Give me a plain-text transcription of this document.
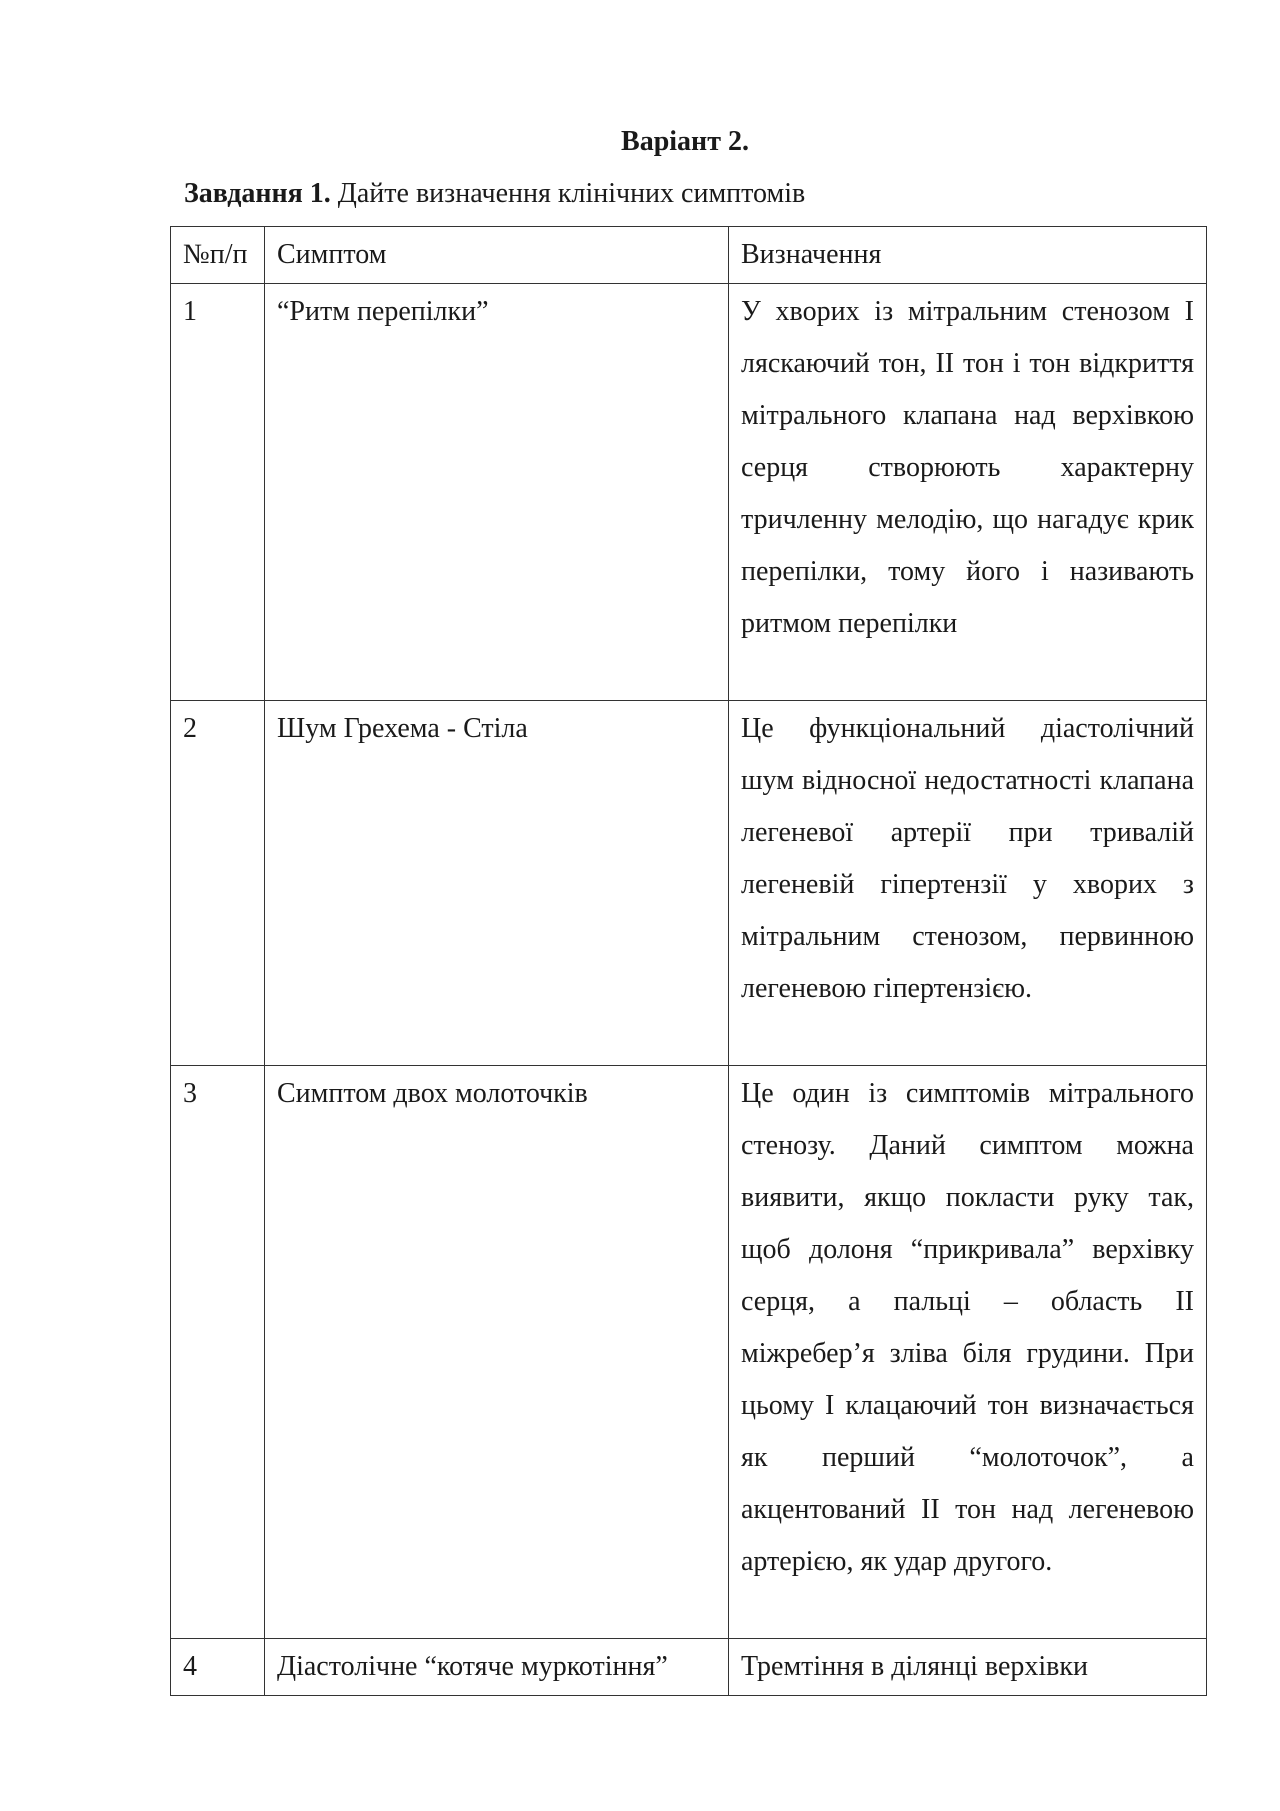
Варіант 2.
Завдання 1. Дайте визначення клінічних симптомів
№п/п	Симптом	Визначення
1	“Ритм перепілки”	У хворих із мітральним стенозом I ляскаючий тон, II тон і тон відкриття мітрального клапана над верхівкою серця створюють характерну тричленну мелодію, що нагадує крик перепілки, тому його і називають ритмом перепілки
2	Шум Грехема - Стіла	Це функціональний діастолічний шум відносної недостатності клапана легеневої артерії при тривалій легеневій гіпертензії у хворих з мітральним стенозом, первинною легеневою гіпертензією.
3	Симптом двох молоточків	Це один із симптомів мітрального стенозу. Даний симптом можна виявити, якщо покласти руку так, щоб долоня “прикривала” верхівку серця, а пальці – область II міжребер’я зліва біля грудини. При цьому I клацаючий тон визначається як перший “молоточок”, а акцентований II тон над легеневою артерією, як удар другого.
4	Діастолічне “котяче муркотіння”	Тремтіння в ділянці верхівки
